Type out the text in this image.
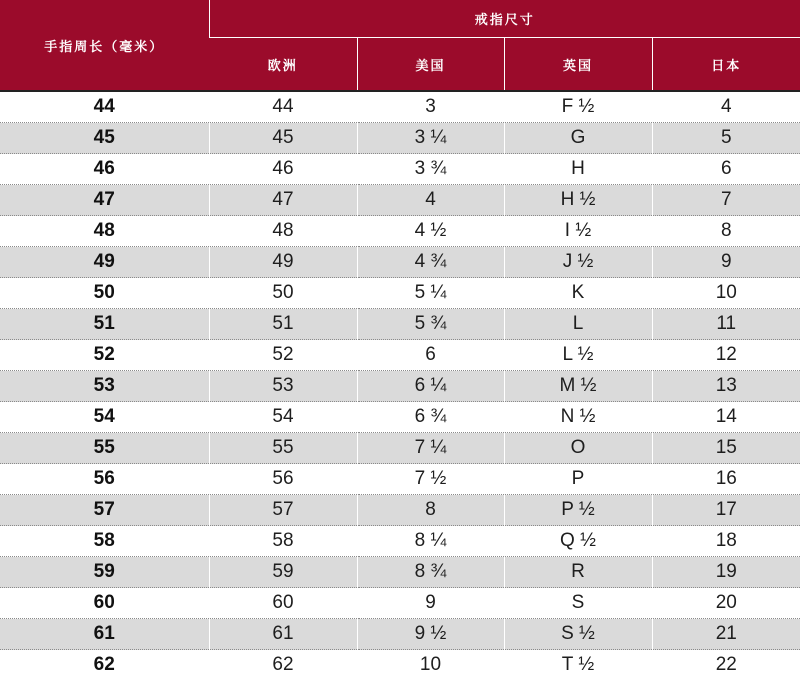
手指周长（毫米）	戒指尺寸			
	欧洲	美国	英国	日本
44	44	3	F ½	4
45	45	3 ¼	G	5
46	46	3 ¾	H	6
47	47	4	H ½	7
48	48	4 ½	I ½	8
49	49	4 ¾	J ½	9
50	50	5 ¼	K	10
51	51	5 ¾	L	11
52	52	6	L ½	12
53	53	6 ¼	M ½	13
54	54	6 ¾	N ½	14
55	55	7 ¼	O	15
56	56	7 ½	P	16
57	57	8	P ½	17
58	58	8 ¼	Q ½	18
59	59	8 ¾	R	19
60	60	9	S	20
61	61	9 ½	S ½	21
62	62	10	T ½	22
